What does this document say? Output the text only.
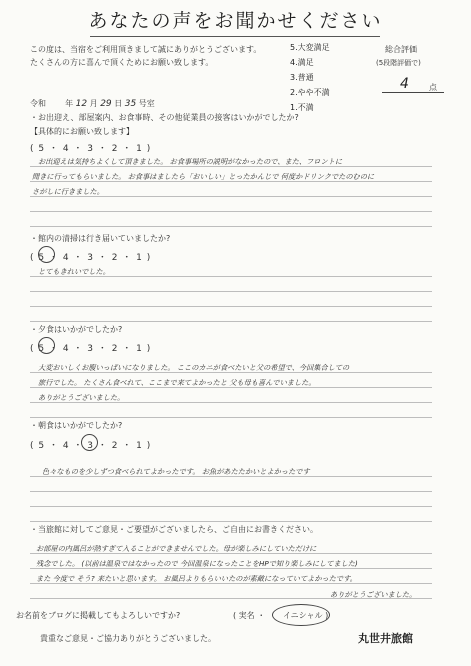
あなたの声をお聞かせください
この度は、当宿をご利用頂きまして誠にありがとうございます。
たくさんの方に喜んで頂くためにお願い致します。
5.大変満足
4.満足
3.普通
2.やや不満
1.不満
総合評価
(5段階評価で)
4	点
令和 年 12 月 29 日 35 号室
・お出迎え、部屋案内、お食事時、その他従業員の接客はいかがでしたか?
【具体的にお願い致します】
( 5 ・ 4 ・ 3 ・ 2 ・ 1 )
お出迎えは気持ちよくして頂きました。 お食事場所の説明がなかったので、また、フロントに
聞きに行ってもらいました。 お食事はましたら「おいしい」とったかんじで 何度かドリンクでたのむのに
さがしに行きました。
・館内の清掃は行き届いていましたか?
( 5 ・ 4 ・ 3 ・ 2 ・ 1 )
とてもきれいでした。
・夕食はいかがでしたか?
( 5 ・ 4 ・ 3 ・ 2 ・ 1 )
大変おいしくお腹いっぱいになりました。 ここのカニが食べたいと父の希望で、今回集合しての
旅行でした。 たくさん食べれて、ここまで来てよかったと 父も母も喜んでいました。
ありがとうございました。
・朝食はいかがでしたか?
( 5 ・ 4 ・ 3 ・ 2 ・ 1 )
色々なものを少しずつ食べられてよかったです。 お魚があたたかいとよかったです
・当旅館に対してご意見・ご要望がございましたら、ご自由にお書きください。
お部屋の内風呂が熱すぎて入ることができませんでした。母が楽しみにしていただけに
残念でした。 (以前は温泉ではなかったので 今回温泉になったことをHPで知り楽しみにしてました)
また 今度で そう? 来たいと思います。 お風呂よりもらいいたのが素敵になっていてよかったです。
ありがとうございました。
お名前をブログに掲載してもよろしいですか?	( 実名 ・ イニシャル )
貴重なご意見・ご協力ありがとうございました。	丸世井旅館
